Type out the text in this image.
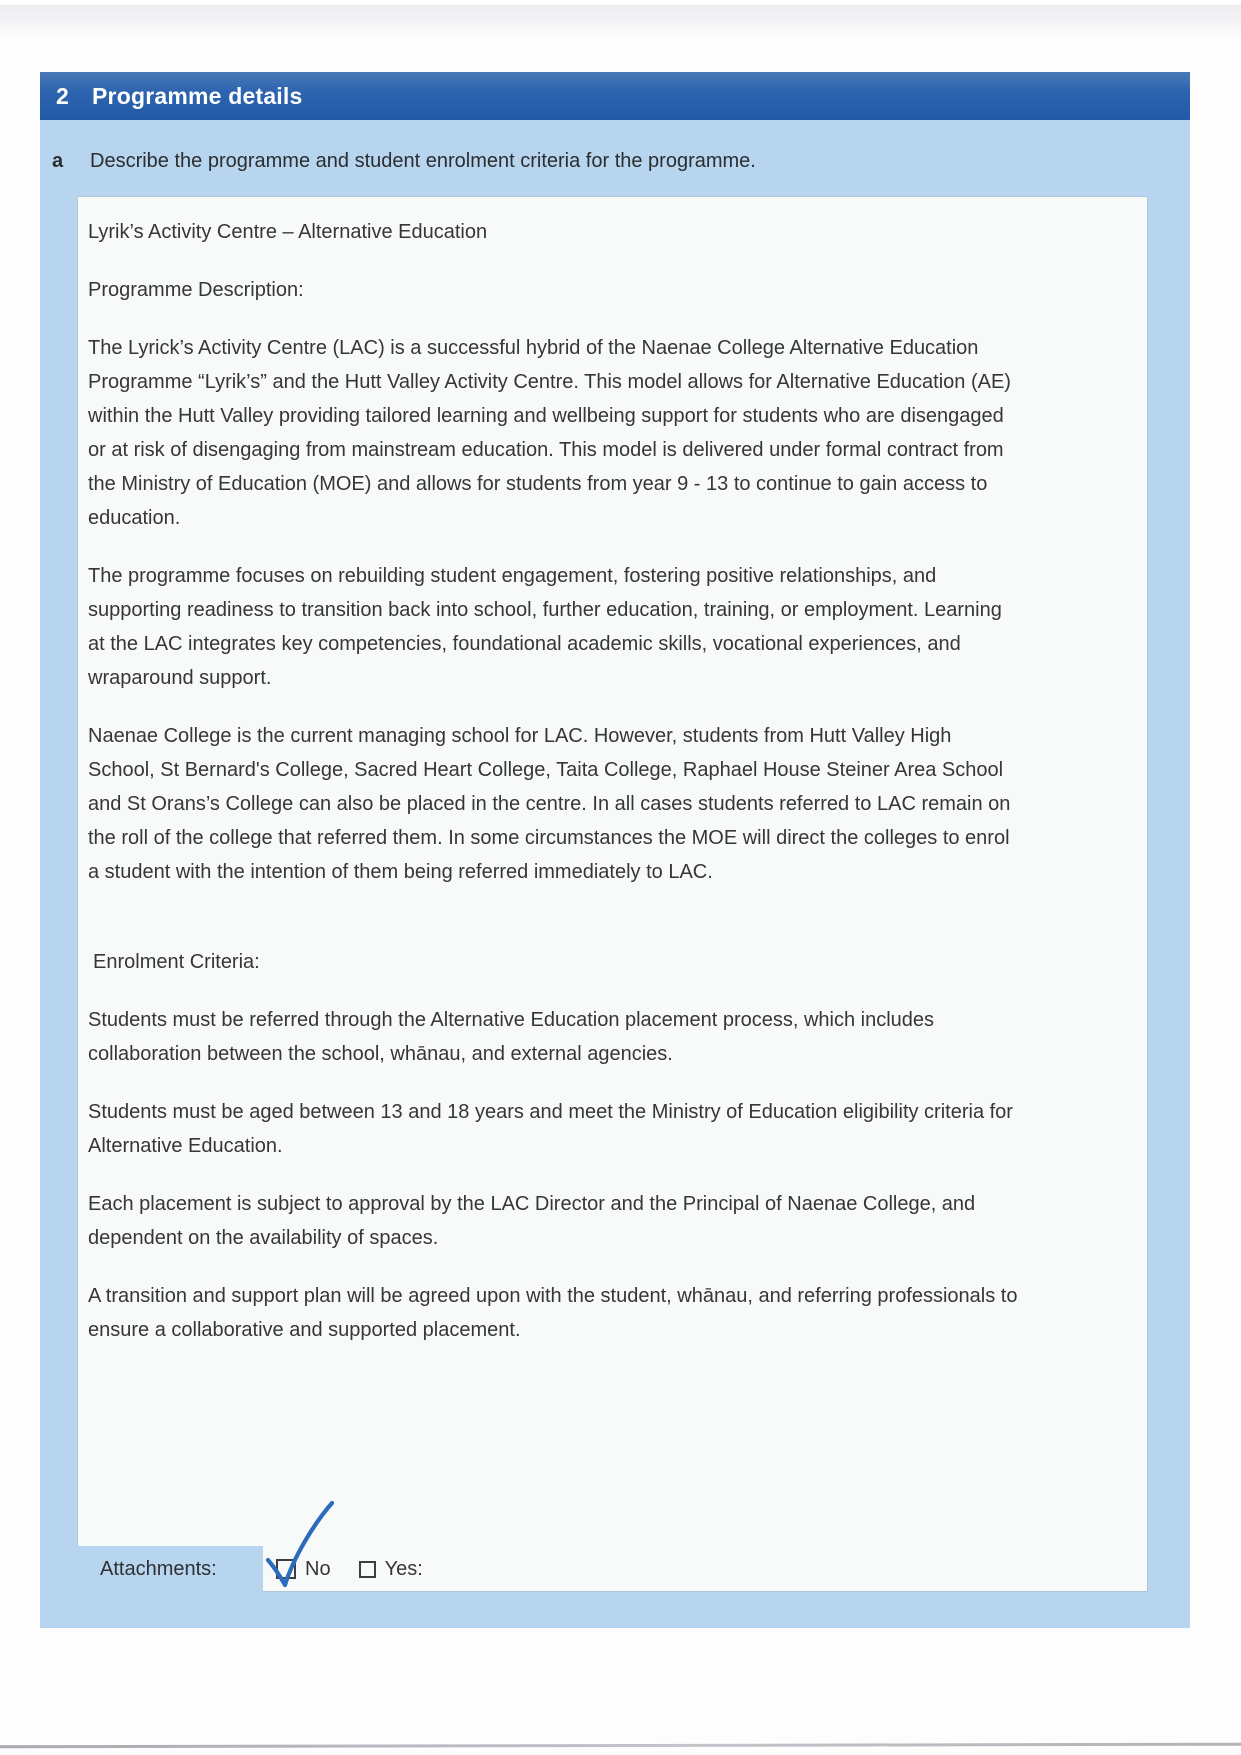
2	Programme details
a Describe the programme and student enrolment criteria for the programme.

Lyrik’s Activity Centre – Alternative Education

Programme Description:

The Lyrick’s Activity Centre (LAC) is a successful hybrid of the Naenae College Alternative Education Programme “Lyrik’s” and the Hutt Valley Activity Centre. This model allows for Alternative Education (AE) within the Hutt Valley providing tailored learning and wellbeing support for students who are disengaged or at risk of disengaging from mainstream education. This model is delivered under formal contract from the Ministry of Education (MOE) and allows for students from year 9 - 13 to continue to gain access to education.

The programme focuses on rebuilding student engagement, fostering positive relationships, and supporting readiness to transition back into school, further education, training, or employment. Learning at the LAC integrates key competencies, foundational academic skills, vocational experiences, and wraparound support.

Naenae College is the current managing school for LAC. However, students from Hutt Valley High School, St Bernard's College, Sacred Heart College, Taita College, Raphael House Steiner Area School and St Orans’s College can also be placed in the centre. In all cases students referred to LAC remain on the roll of the college that referred them. In some circumstances the MOE will direct the colleges to enrol a student with the intention of them being referred immediately to LAC.

Enrolment Criteria:

Students must be referred through the Alternative Education placement process, which includes collaboration between the school, whānau, and external agencies.

Students must be aged between 13 and 18 years and meet the Ministry of Education eligibility criteria for Alternative Education.

Each placement is subject to approval by the LAC Director and the Principal of Naenae College, and dependent on the availability of spaces.

A transition and support plan will be agreed upon with the student, whānau, and referring professionals to ensure a collaborative and supported placement.

Attachments:	No	Yes:
